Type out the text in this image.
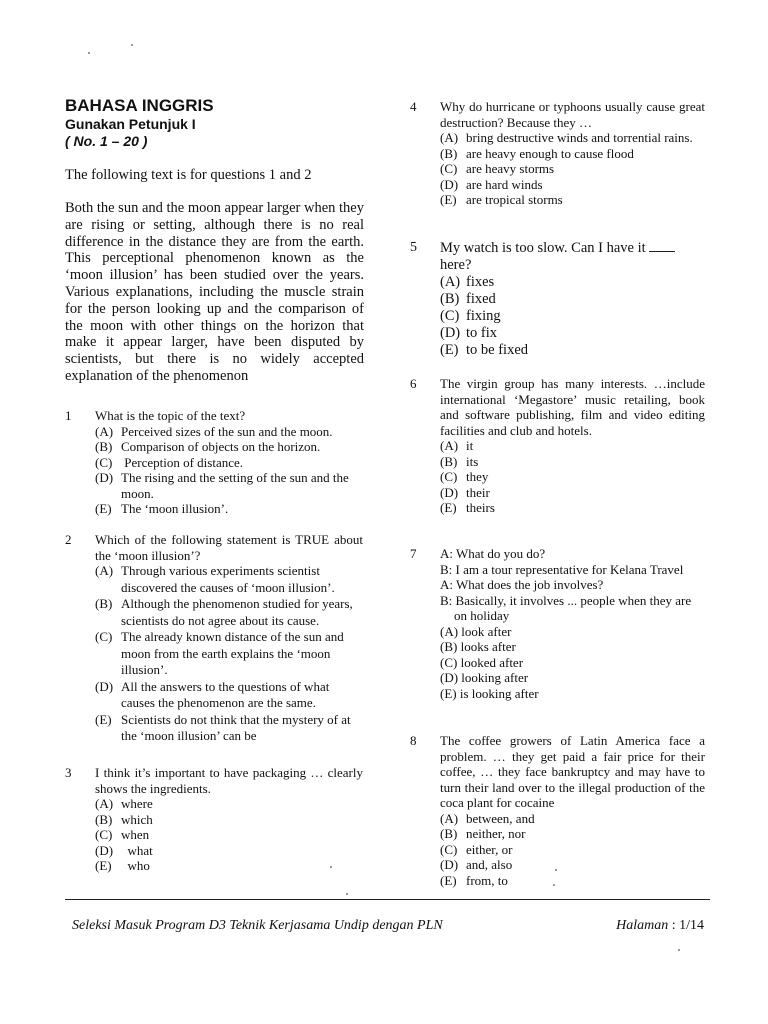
BAHASA INGGRIS
Gunakan Petunjuk I
( No. 1 – 20 )
The following text is for questions 1 and 2
Both the sun and the moon appear larger when they are rising or setting, although there is no real difference in the distance they are from the earth. This perceptional phenomenon known as the ‘moon illusion’ has been studied over the years. Various explanations, including the muscle strain for the person looking up and the comparison of the moon with other things on the horizon that make it appear larger, have been disputed by scientists, but there is no widely accepted explanation of the phenomenon
1 What is the topic of the text?
(A) Perceived sizes of the sun and the moon.
(B) Comparison of objects on the horizon.
(C) Perception of distance.
(D) The rising and the setting of the sun and the moon.
(E) The ‘moon illusion’.
2 Which of the following statement is TRUE about the ‘moon illusion’?
(A) Through various experiments scientist discovered the causes of ‘moon illusion’.
(B) Although the phenomenon studied for years, scientists do not agree about its cause.
(C) The already known distance of the sun and moon from the earth explains the ‘moon illusion’.
(D) All the answers to the questions of what causes the phenomenon are the same.
(E) Scientists do not think that the mystery of at the ‘moon illusion’ can be
3 I think it’s important to have packaging … clearly shows the ingredients.
(A) where
(B) which
(C) when
(D)  what
(E)  who
4 Why do hurricane or typhoons usually cause great destruction? Because they …
(A) bring destructive winds and torrential rains.
(B) are heavy enough to cause flood
(C) are heavy storms
(D) are hard winds
(E) are tropical storms
5 My watch is too slow. Can I have it
here?
(A) fixes
(B) fixed
(C) fixing
(D) to fix
(E) to be fixed
6 The virgin group has many interests. …include international ‘Megastore’ music retailing, book and software publishing, film and video editing facilities and club and hotels.
(A) it
(B) its
(C) they
(D) their
(E) theirs
7 A: What do you do?
B: I am a tour representative for Kelana Travel
A: What does the job involves?
B: Basically, it involves ... people when they are on holiday
(A) look after
(B) looks after
(C) looked after
(D) looking after
(E) is looking after
8 The coffee growers of Latin America face a problem. … they get paid a fair price for their coffee, … they face bankruptcy and may have to turn their land over to the illegal production of the coca plant for cocaine
(A) between, and
(B) neither, nor
(C) either, or
(D) and, also
(E) from, to
Seleksi Masuk Program D3 Teknik Kerjasama Undip dengan PLN	Halaman : 1/14
